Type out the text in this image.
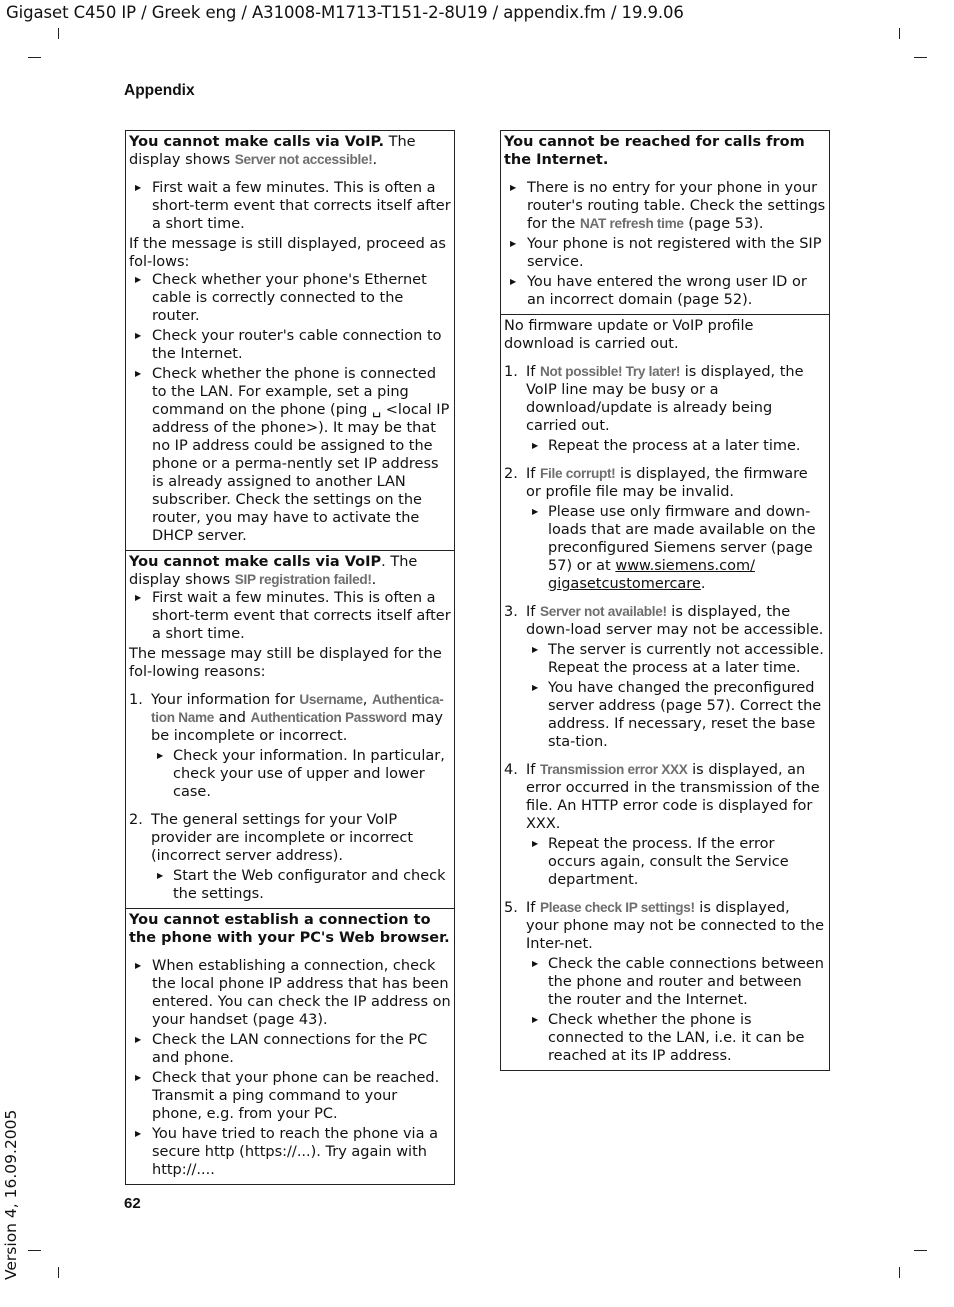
Gigaset C450 IP / Greek eng / A31008-M1713-T151-2-8U19 / appendix.fm / 19.9.06
Appendix

You cannot make calls via VoIP. The display shows Server not accessible!.

▶ First wait a few minutes. This is often a short-term event that corrects itself after a short time.

If the message is still displayed, proceed as fol-lows:

▶ Check whether your phone's Ethernet cable is correctly connected to the router.
▶ Check your router's cable connection to the Internet.
▶ Check whether the phone is connected to the LAN. For example, set a ping command on the phone (ping ␣ <local IP address of the phone>). It may be that no IP address could be assigned to the phone or a perma-nently set IP address is already assigned to another LAN subscriber. Check the settings on the router, you may have to activate the DHCP server.

You cannot make calls via VoIP. The display shows SIP registration failed!.

▶ First wait a few minutes. This is often a short-term event that corrects itself after a short time.

The message may still be displayed for the fol-lowing reasons:

1. Your information for Username, Authentica-tion Name and Authentication Password may be incomplete or incorrect.
▶ Check your information. In particular, check your use of upper and lower case.
2. The general settings for your VoIP provider are incomplete or incorrect (incorrect server address).
▶ Start the Web configurator and check the settings.

You cannot establish a connection to the phone with your PC's Web browser.

▶ When establishing a connection, check the local phone IP address that has been entered. You can check the IP address on your handset (page 43).
▶ Check the LAN connections for the PC and phone.
▶ Check that your phone can be reached. Transmit a ping command to your phone, e.g. from your PC.
▶ You have tried to reach the phone via a secure http (https://...). Try again with http://....

You cannot be reached for calls from the Internet.

▶ There is no entry for your phone in your router's routing table. Check the settings for the NAT refresh time (page 53).
▶ Your phone is not registered with the SIP service.
▶ You have entered the wrong user ID or an incorrect domain (page 52).

No firmware update or VoIP profile download is carried out.

1. If Not possible! Try later! is displayed, the VoIP line may be busy or a download/update is already being carried out.
▶ Repeat the process at a later time.
2. If File corrupt! is displayed, the firmware or profile file may be invalid.
▶ Please use only firmware and down-loads that are made available on the preconfigured Siemens server (page 57) or at www.siemens.com/ gigasetcustomercare.
3. If Server not available! is displayed, the down-load server may not be accessible.
▶ The server is currently not accessible. Repeat the process at a later time.
▶ You have changed the preconfigured server address (page 57). Correct the address. If necessary, reset the base sta-tion.
4. If Transmission error XXX is displayed, an error occurred in the transmission of the file. An HTTP error code is displayed for XXX.
▶ Repeat the process. If the error occurs again, consult the Service department.
5. If Please check IP settings! is displayed, your phone may not be connected to the Inter-net.
▶ Check the cable connections between the phone and router and between the router and the Internet.
▶ Check whether the phone is connected to the LAN, i.e. it can be reached at its IP address.
62
Version 4, 16.09.2005
